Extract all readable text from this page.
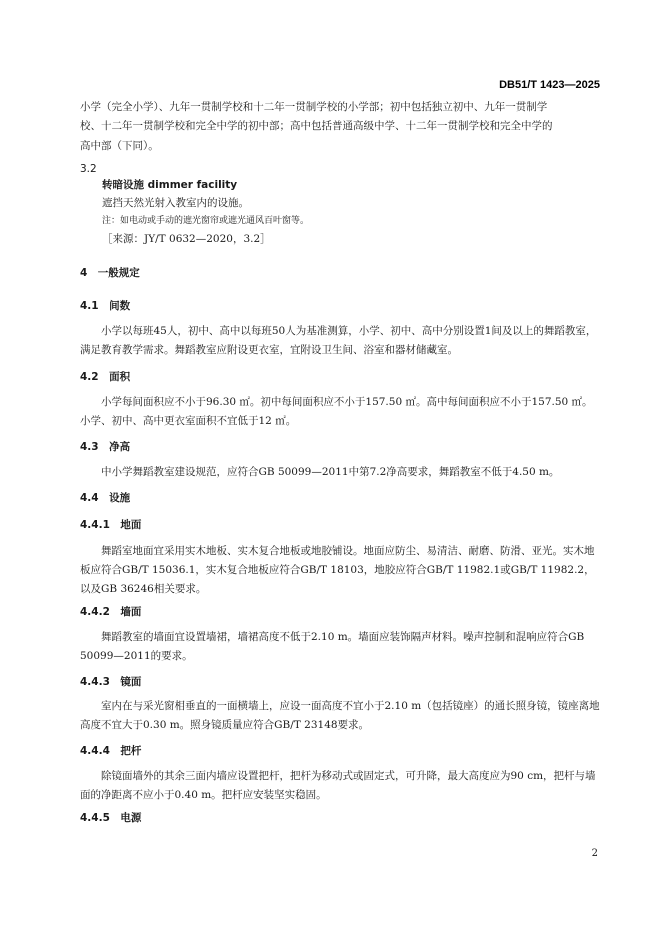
DB51/T 1423—2025
小学（完全小学）、九年一贯制学校和十二年一贯制学校的小学部；初中包括独立初中、九年一贯制学
校、十二年一贯制学校和完全中学的初中部；高中包括普通高级中学、十二年一贯制学校和完全中学的
高中部（下同）。
3.2
转暗设施 dimmer facility
遮挡天然光射入教室内的设施。
注：如电动或手动的遮光窗帘或遮光通风百叶窗等。
［来源：JY/T 0632—2020，3.2］
4　一般规定
4.1　间数
小学以每班45人，初中、高中以每班50人为基准测算，小学、初中、高中分别设置1间及以上的舞蹈教室，满足教育教学需求。舞蹈教室应附设更衣室，宜附设卫生间、浴室和器材储藏室。
4.2　面积
小学每间面积应不小于96.30 ㎡。初中每间面积应不小于157.50 ㎡。高中每间面积应不小于157.50 ㎡。小学、初中、高中更衣室面积不宜低于12 ㎡。
4.3　净高
中小学舞蹈教室建设规范，应符合GB 50099—2011中第7.2净高要求，舞蹈教室不低于4.50 m。
4.4　设施
4.4.1　地面
舞蹈室地面宜采用实木地板、实木复合地板或地胶铺设。地面应防尘、易清洁、耐磨、防滑、亚光。实木地板应符合GB/T 15036.1，实木复合地板应符合GB/T 18103，地胶应符合GB/T 11982.1或GB/T 11982.2，以及GB 36246相关要求。
4.4.2　墙面
舞蹈教室的墙面宜设置墙裙，墙裙高度不低于2.10 m。墙面应装饰隔声材料。噪声控制和混响应符合GB 50099—2011的要求。
4.4.3　镜面
室内在与采光窗相垂直的一面横墙上，应设一面高度不宜小于2.10 m（包括镜座）的通长照身镜，镜座离地高度不宜大于0.30 m。照身镜质量应符合GB/T 23148要求。
4.4.4　把杆
除镜面墙外的其余三面内墙应设置把杆，把杆为移动式或固定式，可升降，最大高度应为90 cm，把杆与墙面的净距离不应小于0.40 m。把杆应安装坚实稳固。
4.4.5　电源
2
